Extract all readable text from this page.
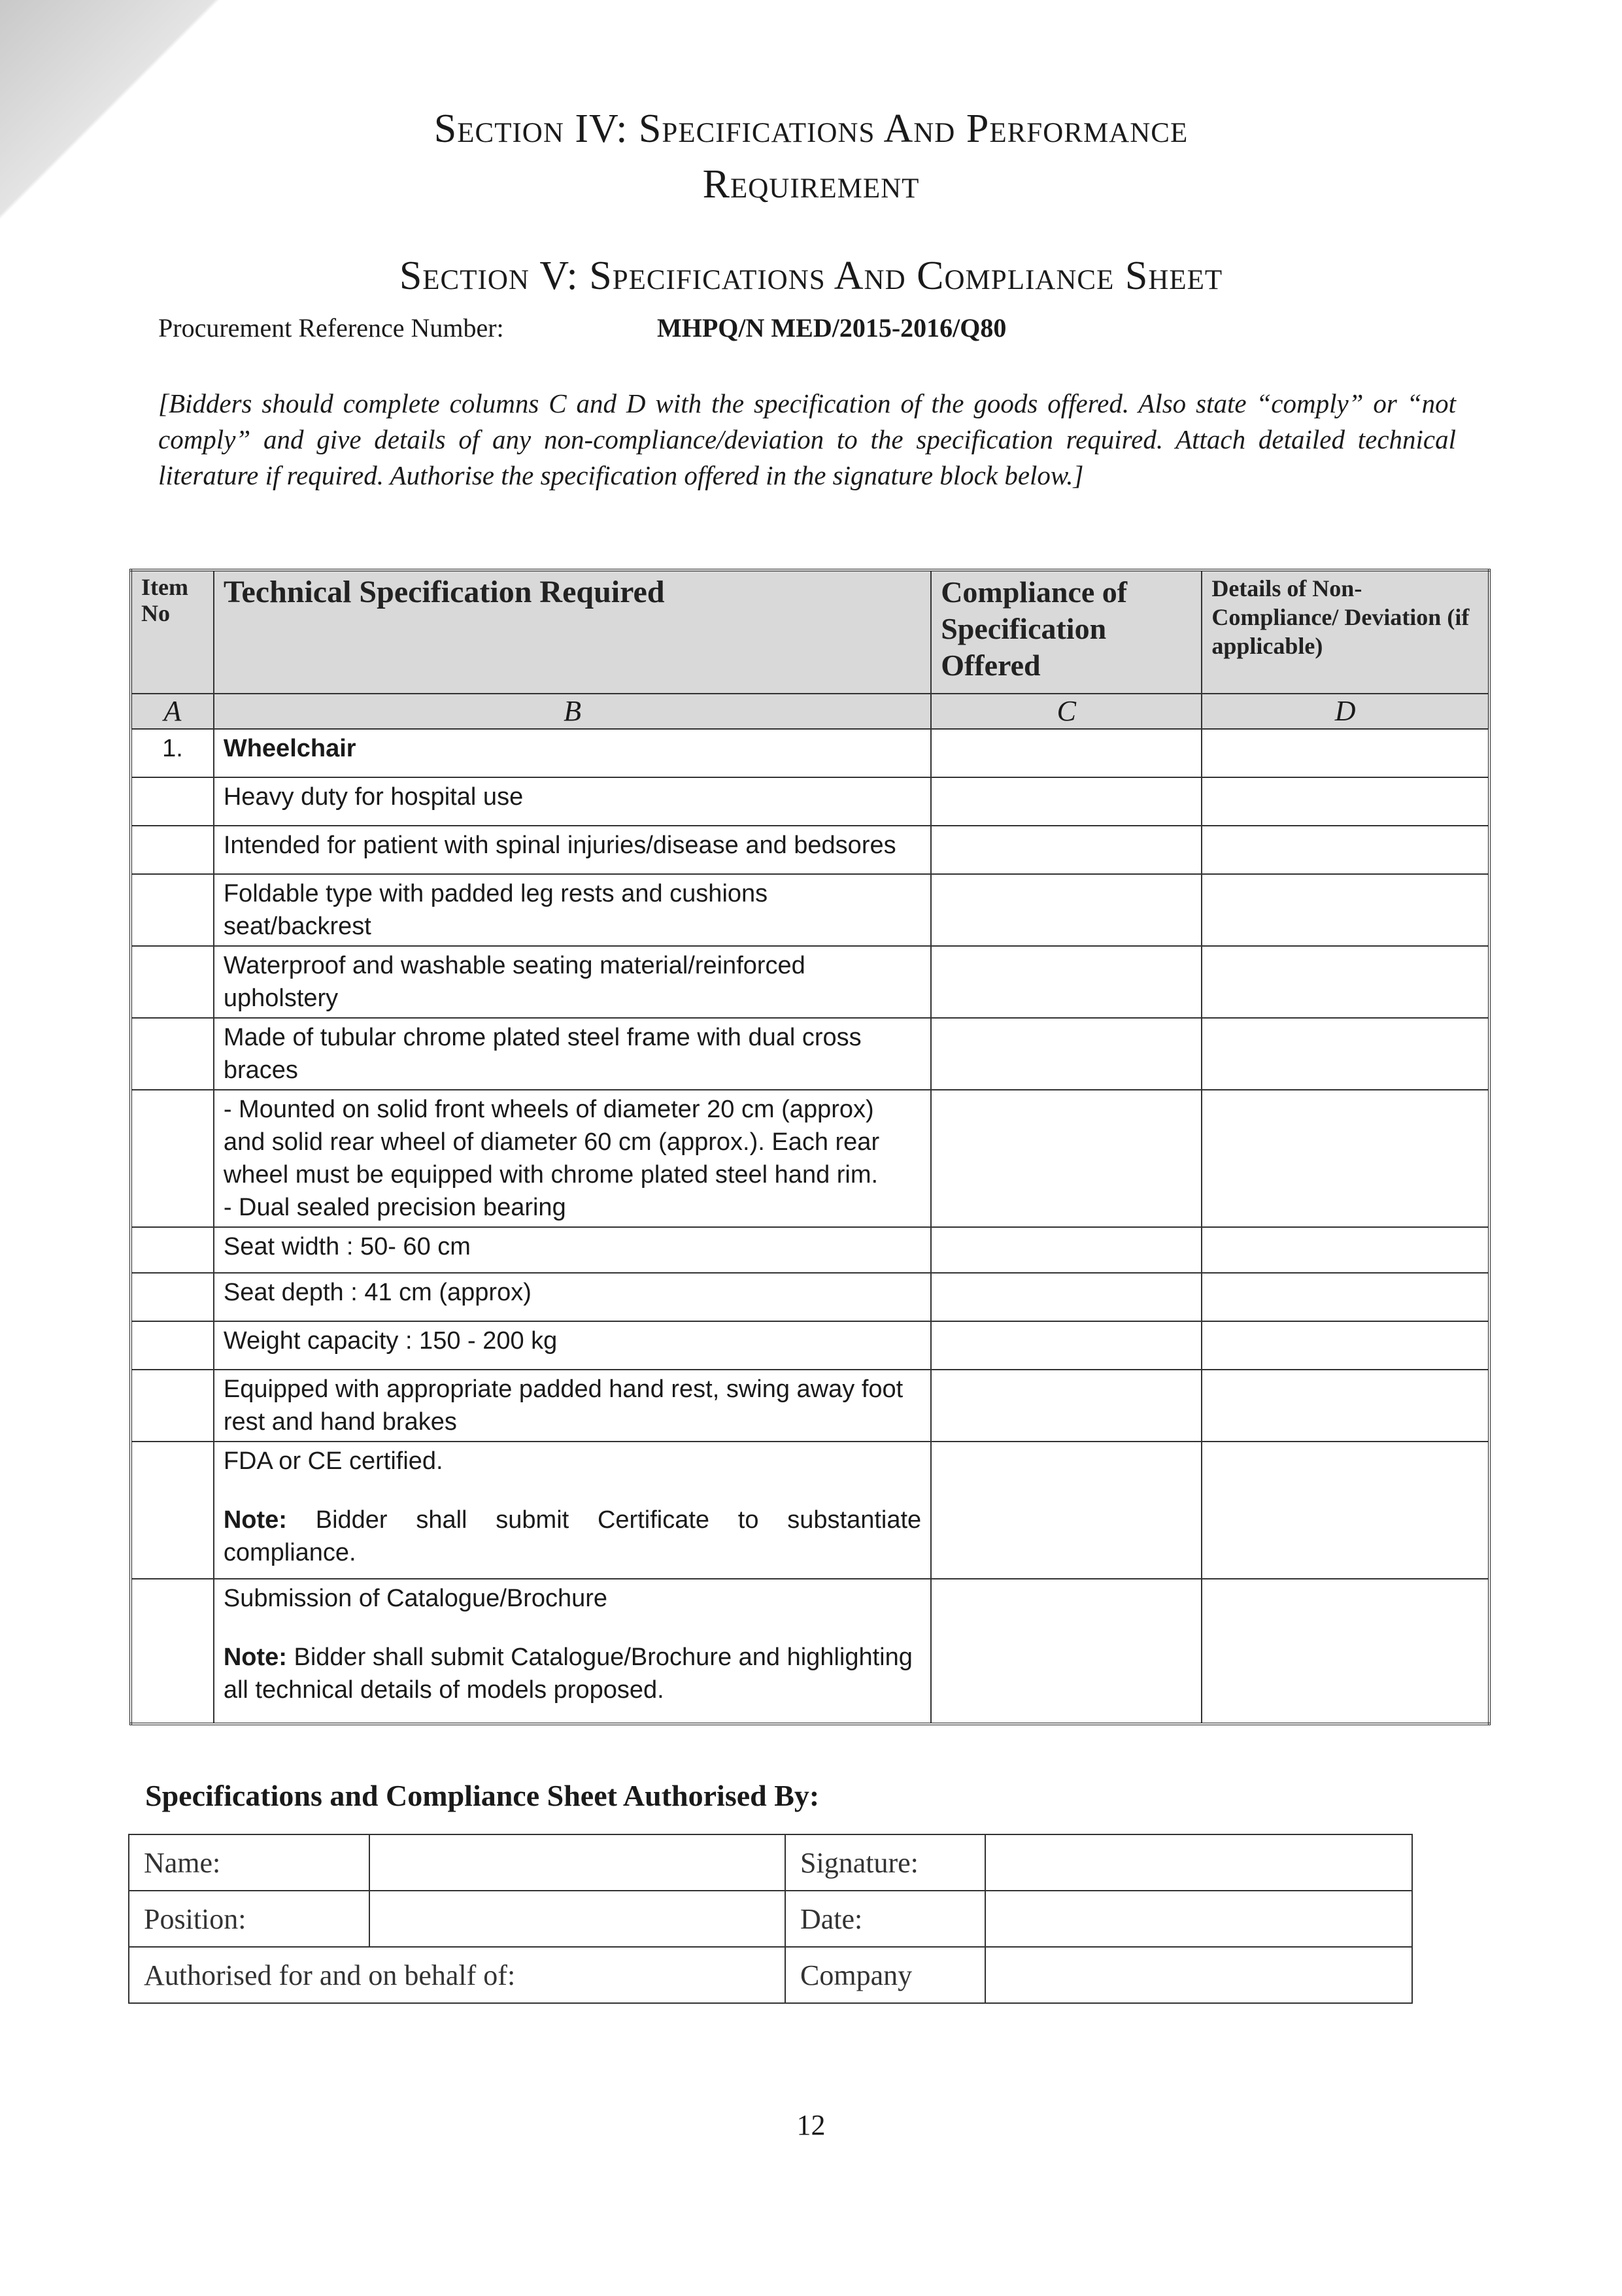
Section IV: Specifications And Performance
Requirement
Section V: Specifications And Compliance Sheet
Procurement Reference Number:	MHPQ/N MED/2015-2016/Q80
[Bidders should complete columns C and D with the specification of the goods offered. Also state “comply” or “not comply” and give details of any non-compliance/deviation to the specification required. Attach detailed technical literature if required. Authorise the specification offered in the signature block below.]
Item No	Technical Specification Required	Compliance of Specification Offered	Details of Non-Compliance/ Deviation (if applicable)
A	B	C	D
1.	Wheelchair		
	Heavy duty for hospital use		
	Intended for patient with spinal injuries/disease and bedsores		
	Foldable type with padded leg rests and cushions seat/backrest		
	Waterproof and washable seating material/reinforced upholstery		
	Made of tubular chrome plated steel frame with dual cross braces		

	- Mounted on solid front wheels of diameter 20 cm (approx) and solid rear wheel of diameter 60 cm (approx.). Each rear wheel must be equipped with chrome plated steel hand rim.
- Dual sealed precision bearing		

	Seat width : 50- 60 cm		
	Seat depth : 41 cm (approx)		
	Weight capacity : 150 - 200 kg		
	Equipped with appropriate padded hand rest, swing away foot rest and hand brakes		

	FDA or CE certified.
Note: Bidder shall submit Certificate to substantiate compliance.		

	Submission of Catalogue/Brochure
Note: Bidder shall submit Catalogue/Brochure and highlighting all technical details of models proposed.		

Specifications and Compliance Sheet Authorised By:
Name:		Signature:	
Position:		Date:	
Authorised for and on behalf of:		Company	
12
